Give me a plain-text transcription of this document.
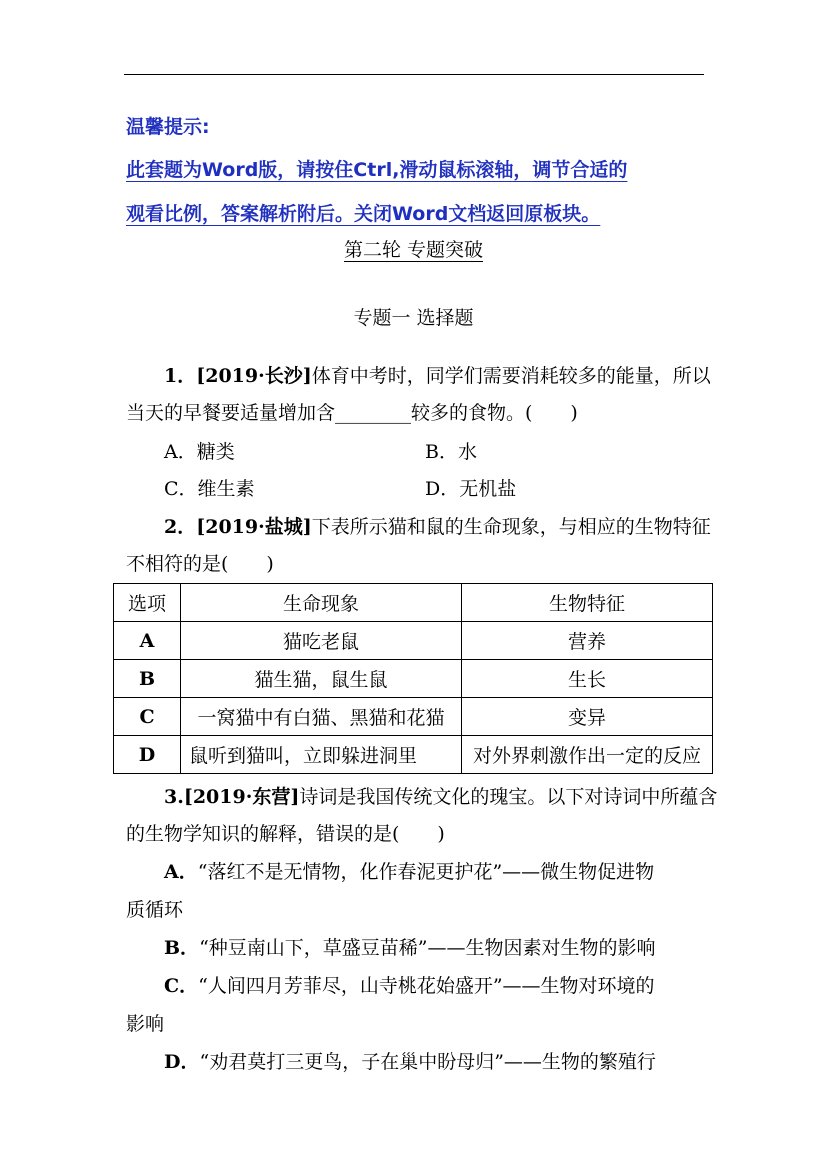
温馨提示:
此套题为Word版，请按住Ctrl,滑动鼠标滚轴，调节合适的
观看比例，答案解析附后。关闭Word文档返回原板块。
第二轮 专题突破
专题一 选择题
1．[2019·长沙]体育中考时，同学们需要消耗较多的能量，所以
当天的早餐要适量增加含________较多的食物。(　　)
A．糖类	B．水
C．维生素	D．无机盐
2．[2019·盐城]下表所示猫和鼠的生命现象，与相应的生物特征
不相符的是(　　)
选项	生命现象	生物特征
A	猫吃老鼠	营养
B	猫生猫，鼠生鼠	生长
C	一窝猫中有白猫、黑猫和花猫	变异
D	鼠听到猫叫，立即躲进洞里	对外界刺激作出一定的反应
3.[2019·东营]诗词是我国传统文化的瑰宝。以下对诗词中所蕴含
的生物学知识的解释，错误的是(　　)
A．“落红不是无情物，化作春泥更护花”——微生物促进物
质循环
B．“种豆南山下，草盛豆苗稀”——生物因素对生物的影响
C．“人间四月芳菲尽，山寺桃花始盛开”——生物对环境的
影响
D．“劝君莫打三更鸟，子在巢中盼母归”——生物的繁殖行
